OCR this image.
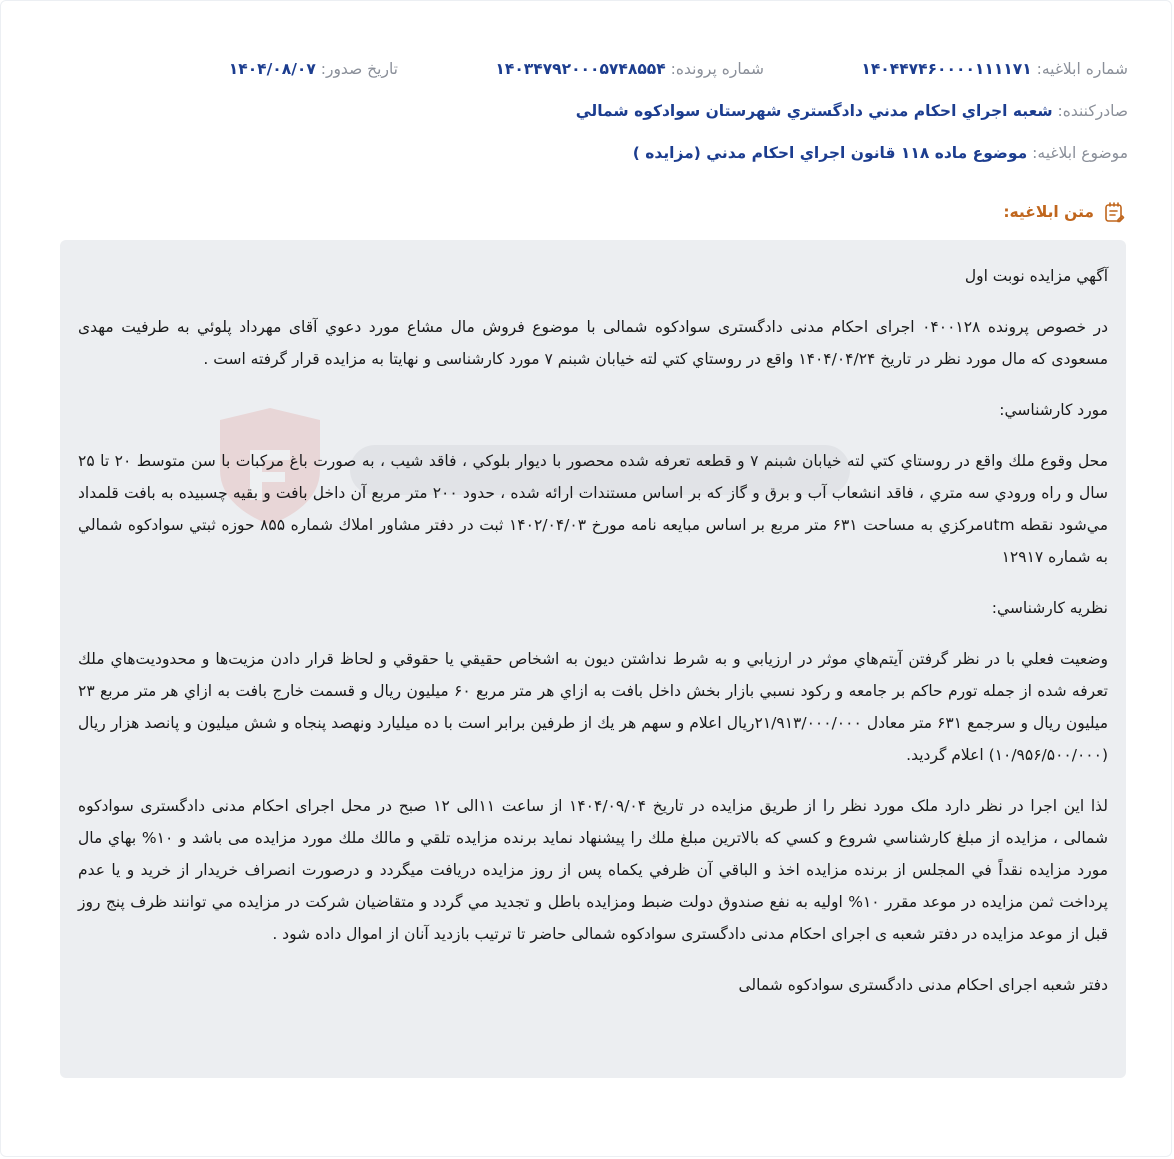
شماره ابلاغيه: ۱۴۰۴۴۷۴۶۰۰۰۰۱۱۱۱۷۱
شماره پرونده: ۱۴۰۳۴۷۹۲۰۰۰۵۷۴۸۵۵۴
تاريخ صدور: ۱۴۰۴/۰۸/۰۷
صادرکننده: شعبه اجراي احکام مدني دادگستري شهرستان سوادکوه شمالي
موضوع ابلاغيه: موضوع ماده ۱۱۸ قانون اجراي احکام مدني (مزايده )
متن ابلاغيه:

آگهي مزايده نوبت اول

در خصوص پرونده ۰۴۰۰۱۲۸ اجرای احکام مدنی دادگستری سوادکوه شمالی با موضوع فروش مال مشاع مورد دعوي آقای مهرداد پلوئي به طرفيت مهدی مسعودی که مال مورد نظر در تاريخ ۱۴۰۴/۰۴/۲۴ واقع در روستاي کتي لته خيابان شبنم ۷ مورد کارشناسی و نهايتا به مزايده قرار گرفته است .

مورد کارشناسي:

محل وقوع ملك واقع در روستاي کتي لته خيابان شبنم ۷ و قطعه تعرفه شده محصور با ديوار بلوکي ، فاقد شيب ، به صورت باغ مرکبات با سن متوسط ۲۰ تا ۲۵ سال و راه ورودي سه متري ، فاقد انشعاب آب و برق و گاز که بر اساس مستندات ارائه شده ، حدود ۲۰۰ متر مربع آن داخل بافت و بقيه چسبيده به بافت قلمداد مي‌شود نقطه utmمرکزي به مساحت ۶۳۱ متر مربع بر اساس مبايعه نامه مورخ ۱۴۰۲/۰۴/۰۳ ثبت در دفتر مشاور املاك شماره ۸۵۵ حوزه ثبتي سوادکوه شمالي به شماره ۱۲۹۱۷

نظريه کارشناسي:

وضعيت فعلي با در نظر گرفتن آيتم‌هاي موثر در ارزيابي و به شرط نداشتن ديون به اشخاص حقيقي يا حقوقي و لحاظ قرار دادن مزيت‌ها و محدوديت‌هاي ملك تعرفه شده از جمله تورم حاکم بر جامعه و رکود نسبي بازار بخش داخل بافت به ازاي هر متر مربع ۶۰ ميليون ريال و قسمت خارج بافت به ازاي هر متر مربع ۲۳ ميليون ريال و سرجمع ۶۳۱ متر معادل ۲۱/۹۱۳/۰۰۰/۰۰۰ريال اعلام و سهم هر يك از طرفين برابر است با ده ميليارد ونهصد پنجاه و شش ميليون و پانصد هزار ريال (۱۰/۹۵۶/۵۰۰/۰۰۰) اعلام گرديد.

لذا اين اجرا در نظر دارد ملک مورد نظر را از طريق مزايده در تاريخ ۱۴۰۴/۰۹/۰۴ از ساعت ۱۱الی ۱۲ صبح در محل اجرای احکام مدنی دادگستری سوادکوه شمالی ، مزايده از مبلغ کارشناسي شروع و کسي که بالاترين مبلغ ملك را پيشنهاد نمايد برنده مزايده تلقي و مالك ملك مورد مزايده می باشد و ۱۰% بهاي مال مورد مزايده نقداً في المجلس از برنده مزايده اخذ و الباقي آن ظرفي يکماه پس از روز مزايده دريافت ميگردد و درصورت انصراف خريدار از خريد و يا عدم پرداخت ثمن مزايده در موعد مقرر ۱۰% اوليه به نفع صندوق دولت ضبط ومزايده باطل و تجديد مي گردد و متقاضيان شرکت در مزايده مي توانند ظرف پنج روز قبل از موعد مزايده در دفتر شعبه ی اجرای احکام مدنی دادگستری سوادکوه شمالی حاضر تا ترتيب بازديد آنان از اموال داده شود .

دفتر شعبه اجرای احکام مدنی دادگستری سوادکوه شمالی
